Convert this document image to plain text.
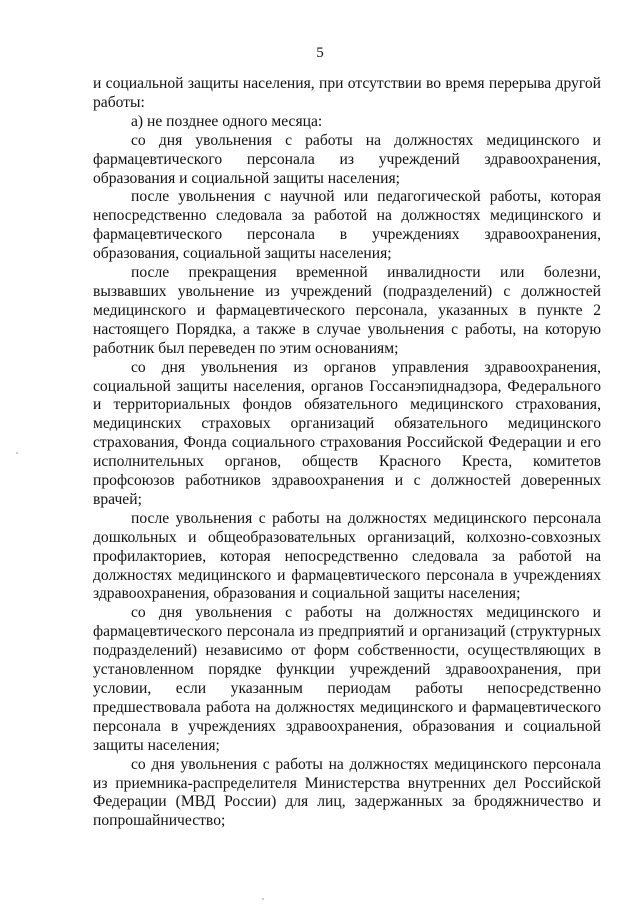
5

и социальной защиты населения, при отсутствии во время перерыва другой работы:

а) не позднее одного месяца:

со дня увольнения с работы на должностях медицинского и фармацевтического персонала из учреждений здравоохранения, образования и социальной защиты населения;

после увольнения с научной или педагогической работы, которая непосредственно следовала за работой на должностях медицинского и фармацевтического персонала в учреждениях здравоохранения, образования, социальной защиты населения;

после прекращения временной инвалидности или болезни, вызвавших увольнение из учреждений (подразделений) с должностей медицинского и фармацевтического персонала, указанных в пункте 2 настоящего Порядка, а также в случае увольнения с работы, на которую работник был переведен по этим основаниям;

со дня увольнения из органов управления здравоохранения, социальной защиты населения, органов Госсанэпиднадзора, Федерального и территориальных фондов обязательного медицинского страхования, медицинских страховых организаций обязательного медицинского страхования, Фонда социального страхования Российской Федерации и его исполнительных органов, обществ Красного Креста, комитетов профсоюзов работников здравоохранения и с должностей доверенных врачей;

после увольнения с работы на должностях медицинского персонала дошкольных и общеобразовательных организаций, колхозно-совхозных профилакториев, которая непосредственно следовала за работой на должностях медицинского и фармацевтического персонала в учреждениях здравоохранения, образования и социальной защиты населения;

со дня увольнения с работы на должностях медицинского и фармацевтического персонала из предприятий и организаций (структурных подразделений) независимо от форм собственности, осуществляющих в установленном порядке функции учреждений здравоохранения, при условии, если указанным периодам работы непосредственно предшествовала работа на должностях медицинского и фармацевтического персонала в учреждениях здравоохранения, образования и социальной защиты населения;

со дня увольнения с работы на должностях медицинского персонала из приемника-распределителя Министерства внутренних дел Российской Федерации (МВД России) для лиц, задержанных за бродяжничество и попрошайничество;
